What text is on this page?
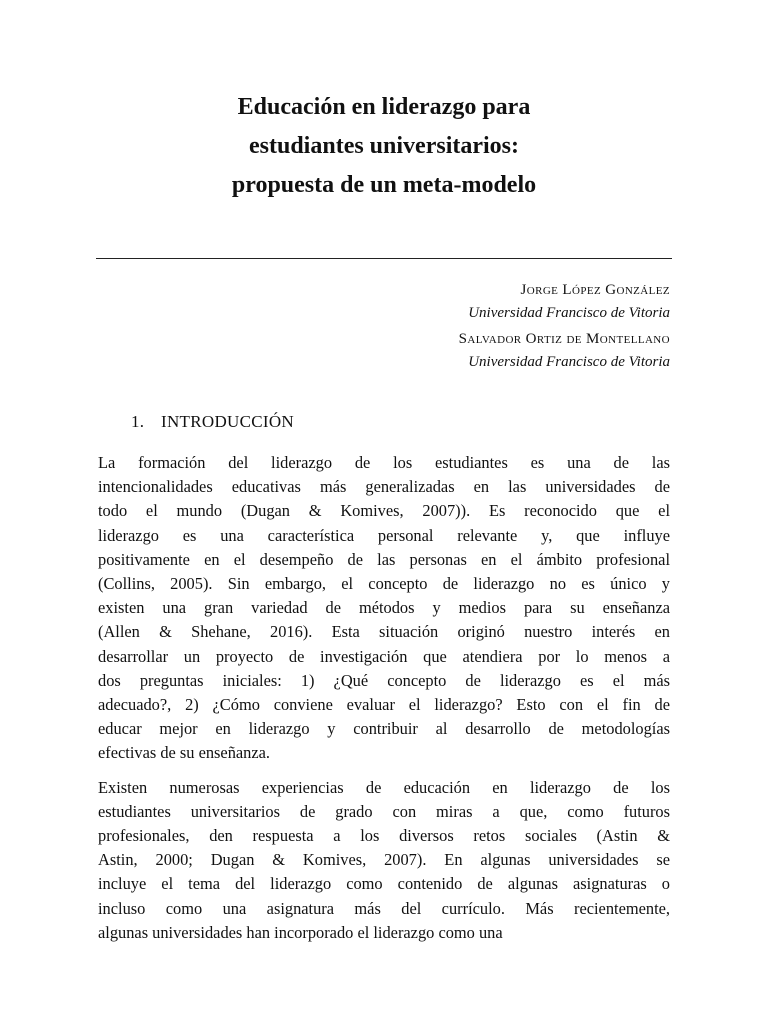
Educación en liderazgo para
estudiantes universitarios:
propuesta de un meta-modelo
Jorge López González
Universidad Francisco de Vitoria
Salvador Ortiz de Montellano
Universidad Francisco de Vitoria
1. INTRODUCCIÓN
La formación del liderazgo de los estudiantes es una de las
intencionalidades educativas más generalizadas en las universidades de
todo el mundo (Dugan & Komives, 2007)). Es reconocido que el
liderazgo es una característica personal relevante y, que influye
positivamente en el desempeño de las personas en el ámbito profesional
(Collins, 2005). Sin embargo, el concepto de liderazgo no es único y
existen una gran variedad de métodos y medios para su enseñanza
(Allen & Shehane, 2016). Esta situación originó nuestro interés en
desarrollar un proyecto de investigación que atendiera por lo menos a
dos preguntas iniciales: 1) ¿Qué concepto de liderazgo es el más
adecuado?, 2) ¿Cómo conviene evaluar el liderazgo? Esto con el fin de
educar mejor en liderazgo y contribuir al desarrollo de metodologías
efectivas de su enseñanza.
Existen numerosas experiencias de educación en liderazgo de los
estudiantes universitarios de grado con miras a que, como futuros
profesionales, den respuesta a los diversos retos sociales (Astin &
Astin, 2000; Dugan & Komives, 2007). En algunas universidades se
incluye el tema del liderazgo como contenido de algunas asignaturas o
incluso como una asignatura más del currículo. Más recientemente,
algunas universidades han incorporado el liderazgo como una
